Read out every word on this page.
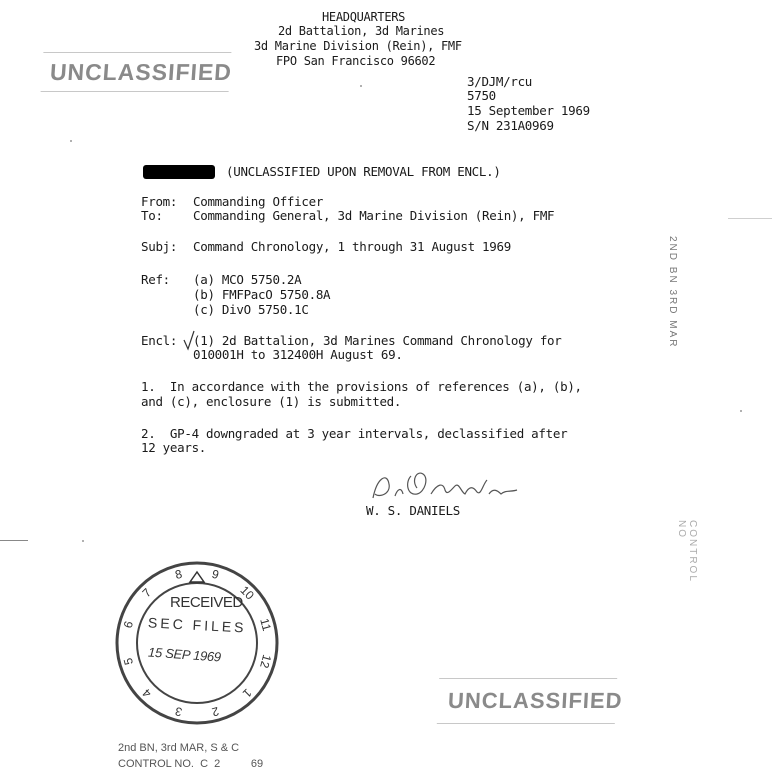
HEADQUARTERS
2d Battalion, 3d Marines
3d Marine Division (Rein), FMF
FPO San Francisco 96602
UNCLASSIFIED	3/DJM/rcu
5750
15 September 1969
S/N 231A0969
(UNCLASSIFIED UPON REMOVAL FROM ENCL.)
From: Commanding Officer
To: Commanding General, 3d Marine Division (Rein), FMF
Subj: Command Chronology, 1 through 31 August 1969
Ref: (a) MCO 5750.2A
(b) FMFPacO 5750.8A
(c) DivO 5750.1C
Encl: (1) 2d Battalion, 3d Marines Command Chronology for
010001H to 312400H August 69.
1.  In accordance with the provisions of references (a), (b),
and (c), enclosure (1) is submitted.
2.  GP-4 downgraded at 3 year intervals, declassified after
12 years.
W. S. DANIELS
8 9
10
11
12
1
2
3
4
5
6
7
RECEIVED
SEC FILES
15 SEP 1969
UNCLASSIFIED
2ND BN 3RD MAR
CONTROL NO
2nd BN, 3rd MAR, S & C
CONTROL NO.  C  2  ___  69
